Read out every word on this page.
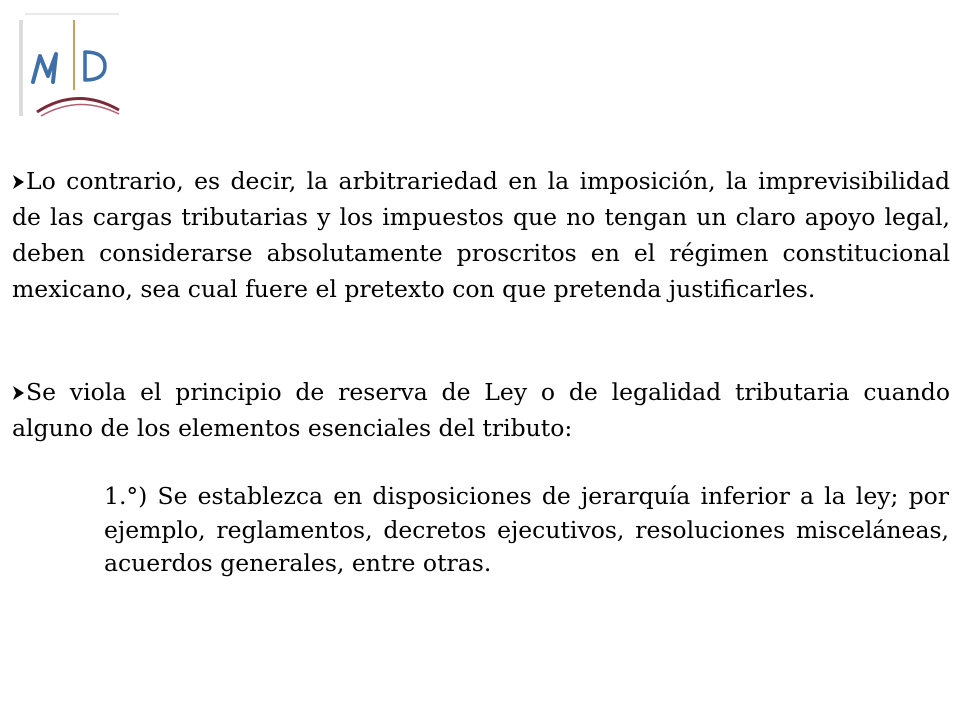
Lo contrario, es decir, la arbitrariedad en la imposición, la imprevisibilidad de las cargas tributarias y los impuestos que no tengan un claro apoyo legal, deben considerarse absolutamente proscritos en el régimen constitucional mexicano, sea cual fuere el pretexto con que pretenda justificarles.
Se viola el principio de reserva de Ley o de legalidad tributaria cuando alguno de los elementos esenciales del tributo:
1.°) Se establezca en disposiciones de jerarquía inferior a la ley; por ejemplo, reglamentos, decretos ejecutivos, resoluciones misceláneas, acuerdos generales, entre otras.
